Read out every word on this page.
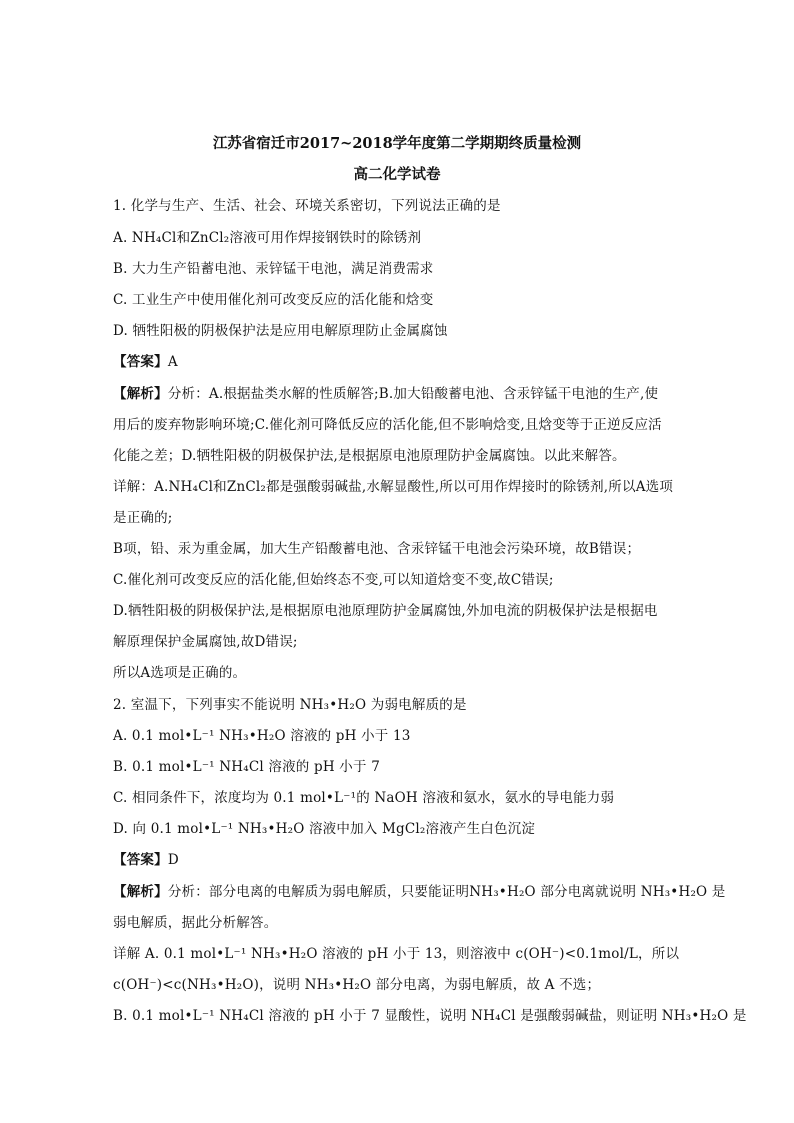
江苏省宿迁市2017~2018学年度第二学期期终质量检测
高二化学试卷
1. 化学与生产、生活、社会、环境关系密切，下列说法正确的是
A. NH₄Cl和ZnCl₂溶液可用作焊接钢铁时的除锈剂
B. 大力生产铅蓄电池、汞锌锰干电池，满足消费需求
C. 工业生产中使用催化剂可改变反应的活化能和焓变
D. 牺牲阳极的阴极保护法是应用电解原理防止金属腐蚀
【答案】A
【解析】分析：A.根据盐类水解的性质解答;B.加大铅酸蓄电池、含汞锌锰干电池的生产,使
用后的废弃物影响环境;C.催化剂可降低反应的活化能,但不影响焓变,且焓变等于正逆反应活
化能之差；D.牺牲阳极的阴极保护法,是根据原电池原理防护金属腐蚀。以此来解答。
详解：A.NH₄Cl和ZnCl₂都是强酸弱碱盐,水解显酸性,所以可用作焊接时的除锈剂,所以A选项
是正确的;
B项，铅、汞为重金属，加大生产铅酸蓄电池、含汞锌锰干电池会污染环境，故B错误；
C.催化剂可改变反应的活化能,但始终态不变,可以知道焓变不变,故C错误;
D.牺牲阳极的阴极保护法,是根据原电池原理防护金属腐蚀,外加电流的阴极保护法是根据电
解原理保护金属腐蚀,故D错误;
所以A选项是正确的。
2. 室温下，下列事实不能说明 NH₃•H₂O 为弱电解质的是
A. 0.1 mol•L⁻¹ NH₃•H₂O 溶液的 pH 小于 13
B. 0.1 mol•L⁻¹ NH₄Cl 溶液的 pH 小于 7
C. 相同条件下，浓度均为 0.1 mol•L⁻¹的 NaOH 溶液和氨水，氨水的导电能力弱
D. 向 0.1 mol•L⁻¹ NH₃•H₂O 溶液中加入 MgCl₂溶液产生白色沉淀
【答案】D
【解析】分析：部分电离的电解质为弱电解质，只要能证明NH₃•H₂O 部分电离就说明 NH₃•H₂O 是
弱电解质，据此分析解答。
详解 A. 0.1 mol•L⁻¹ NH₃•H₂O 溶液的 pH 小于 13，则溶液中 c(OH⁻)<0.1mol/L，所以
c(OH⁻)<c(NH₃•H₂O)，说明 NH₃•H₂O 部分电离，为弱电解质，故 A 不选；
B. 0.1 mol•L⁻¹ NH₄Cl 溶液的 pH 小于 7 显酸性，说明 NH₄Cl 是强酸弱碱盐，则证明 NH₃•H₂O 是
